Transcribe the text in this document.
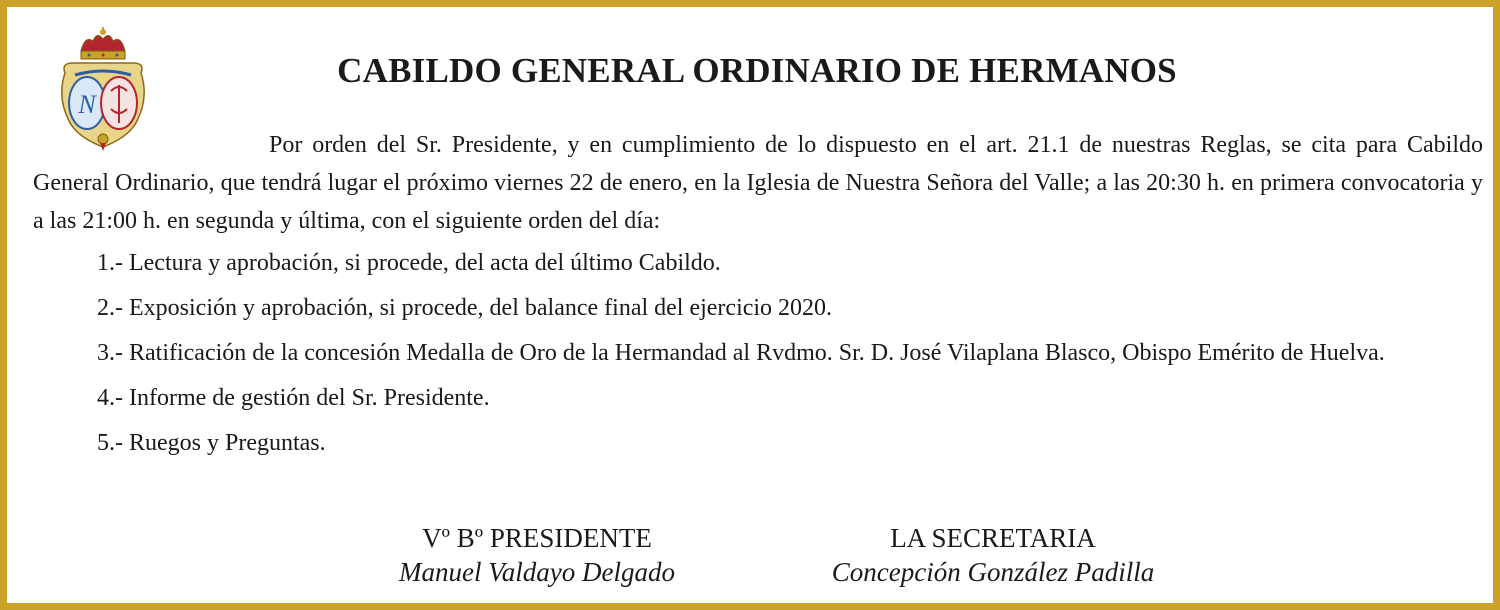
N
CABILDO GENERAL ORDINARIO DE HERMANOS

Por orden del Sr. Presidente, y en cumplimiento de lo dispuesto en el art. 21.1 de nuestras Reglas, se cita para Cabildo General Ordinario, que tendrá lugar el próximo viernes 22 de enero, en la Iglesia de Nuestra Señora del Valle; a las 20:30 h. en primera convocatoria y a las 21:00 h. en segunda y última, con el siguiente orden del día:

1.- Lectura y aprobación, si procede, del acta del último Cabildo.
2.- Exposición y aprobación, si procede, del balance final del ejercicio 2020.
3.- Ratificación de la concesión Medalla de Oro de la Hermandad al Rvdmo. Sr. D. José Vilaplana Blasco, Obispo Emérito de Huelva.
4.- Informe de gestión del Sr. Presidente.
5.- Ruegos y Preguntas.
Vº Bº PRESIDENTE
Manuel Valdayo Delgado
LA SECRETARIA
Concepción González Padilla
